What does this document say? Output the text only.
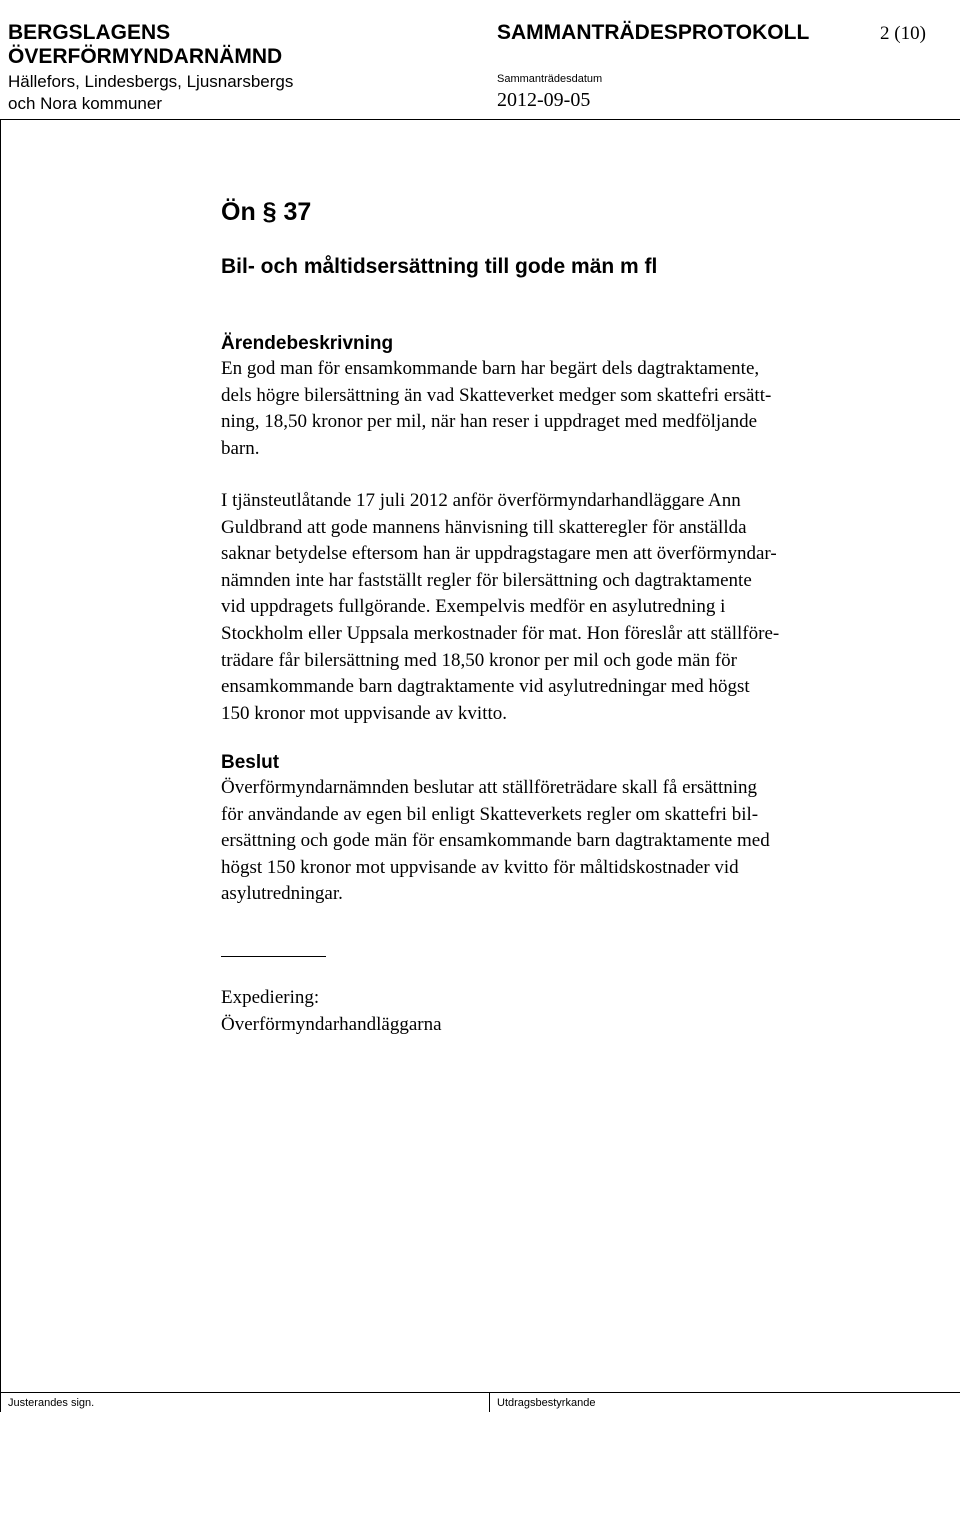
BERGSLAGENS
ÖVERFÖRMYNDARNÄMND
Hällefors, Lindesbergs, Ljusnarsbergs
och Nora kommuner
SAMMANTRÄDESPROTOKOLL	2 (10)
Sammanträdesdatum
2012-09-05
Ön § 37
Bil- och måltidsersättning till gode män m fl
Ärendebeskrivning
En god man för ensamkommande barn har begärt dels dagtraktamente,
dels högre bilersättning än vad Skatteverket medger som skattefri ersätt-
ning, 18,50 kronor per mil, när han reser i uppdraget med medföljande
barn.
I tjänsteutlåtande 17 juli 2012 anför överförmyndarhandläggare Ann
Guldbrand att gode mannens hänvisning till skatteregler för anställda
saknar betydelse eftersom han är uppdragstagare men att överförmyndar-
nämnden inte har fastställt regler för bilersättning och dagtraktamente
vid uppdragets fullgörande. Exempelvis medför en asylutredning i
Stockholm eller Uppsala merkostnader för mat. Hon föreslår att ställföre-
trädare får bilersättning med 18,50 kronor per mil och gode män för
ensamkommande barn dagtraktamente vid asylutredningar med högst
150 kronor mot uppvisande av kvitto.
Beslut
Överförmyndarnämnden beslutar att ställföreträdare skall få ersättning
för användande av egen bil enligt Skatteverkets regler om skattefri bil-
ersättning och gode män för ensamkommande barn dagtraktamente med
högst 150 kronor mot uppvisande av kvitto för måltidskostnader vid
asylutredningar.
Expediering:
Överförmyndarhandläggarna
Justerandes sign.	Utdragsbestyrkande
